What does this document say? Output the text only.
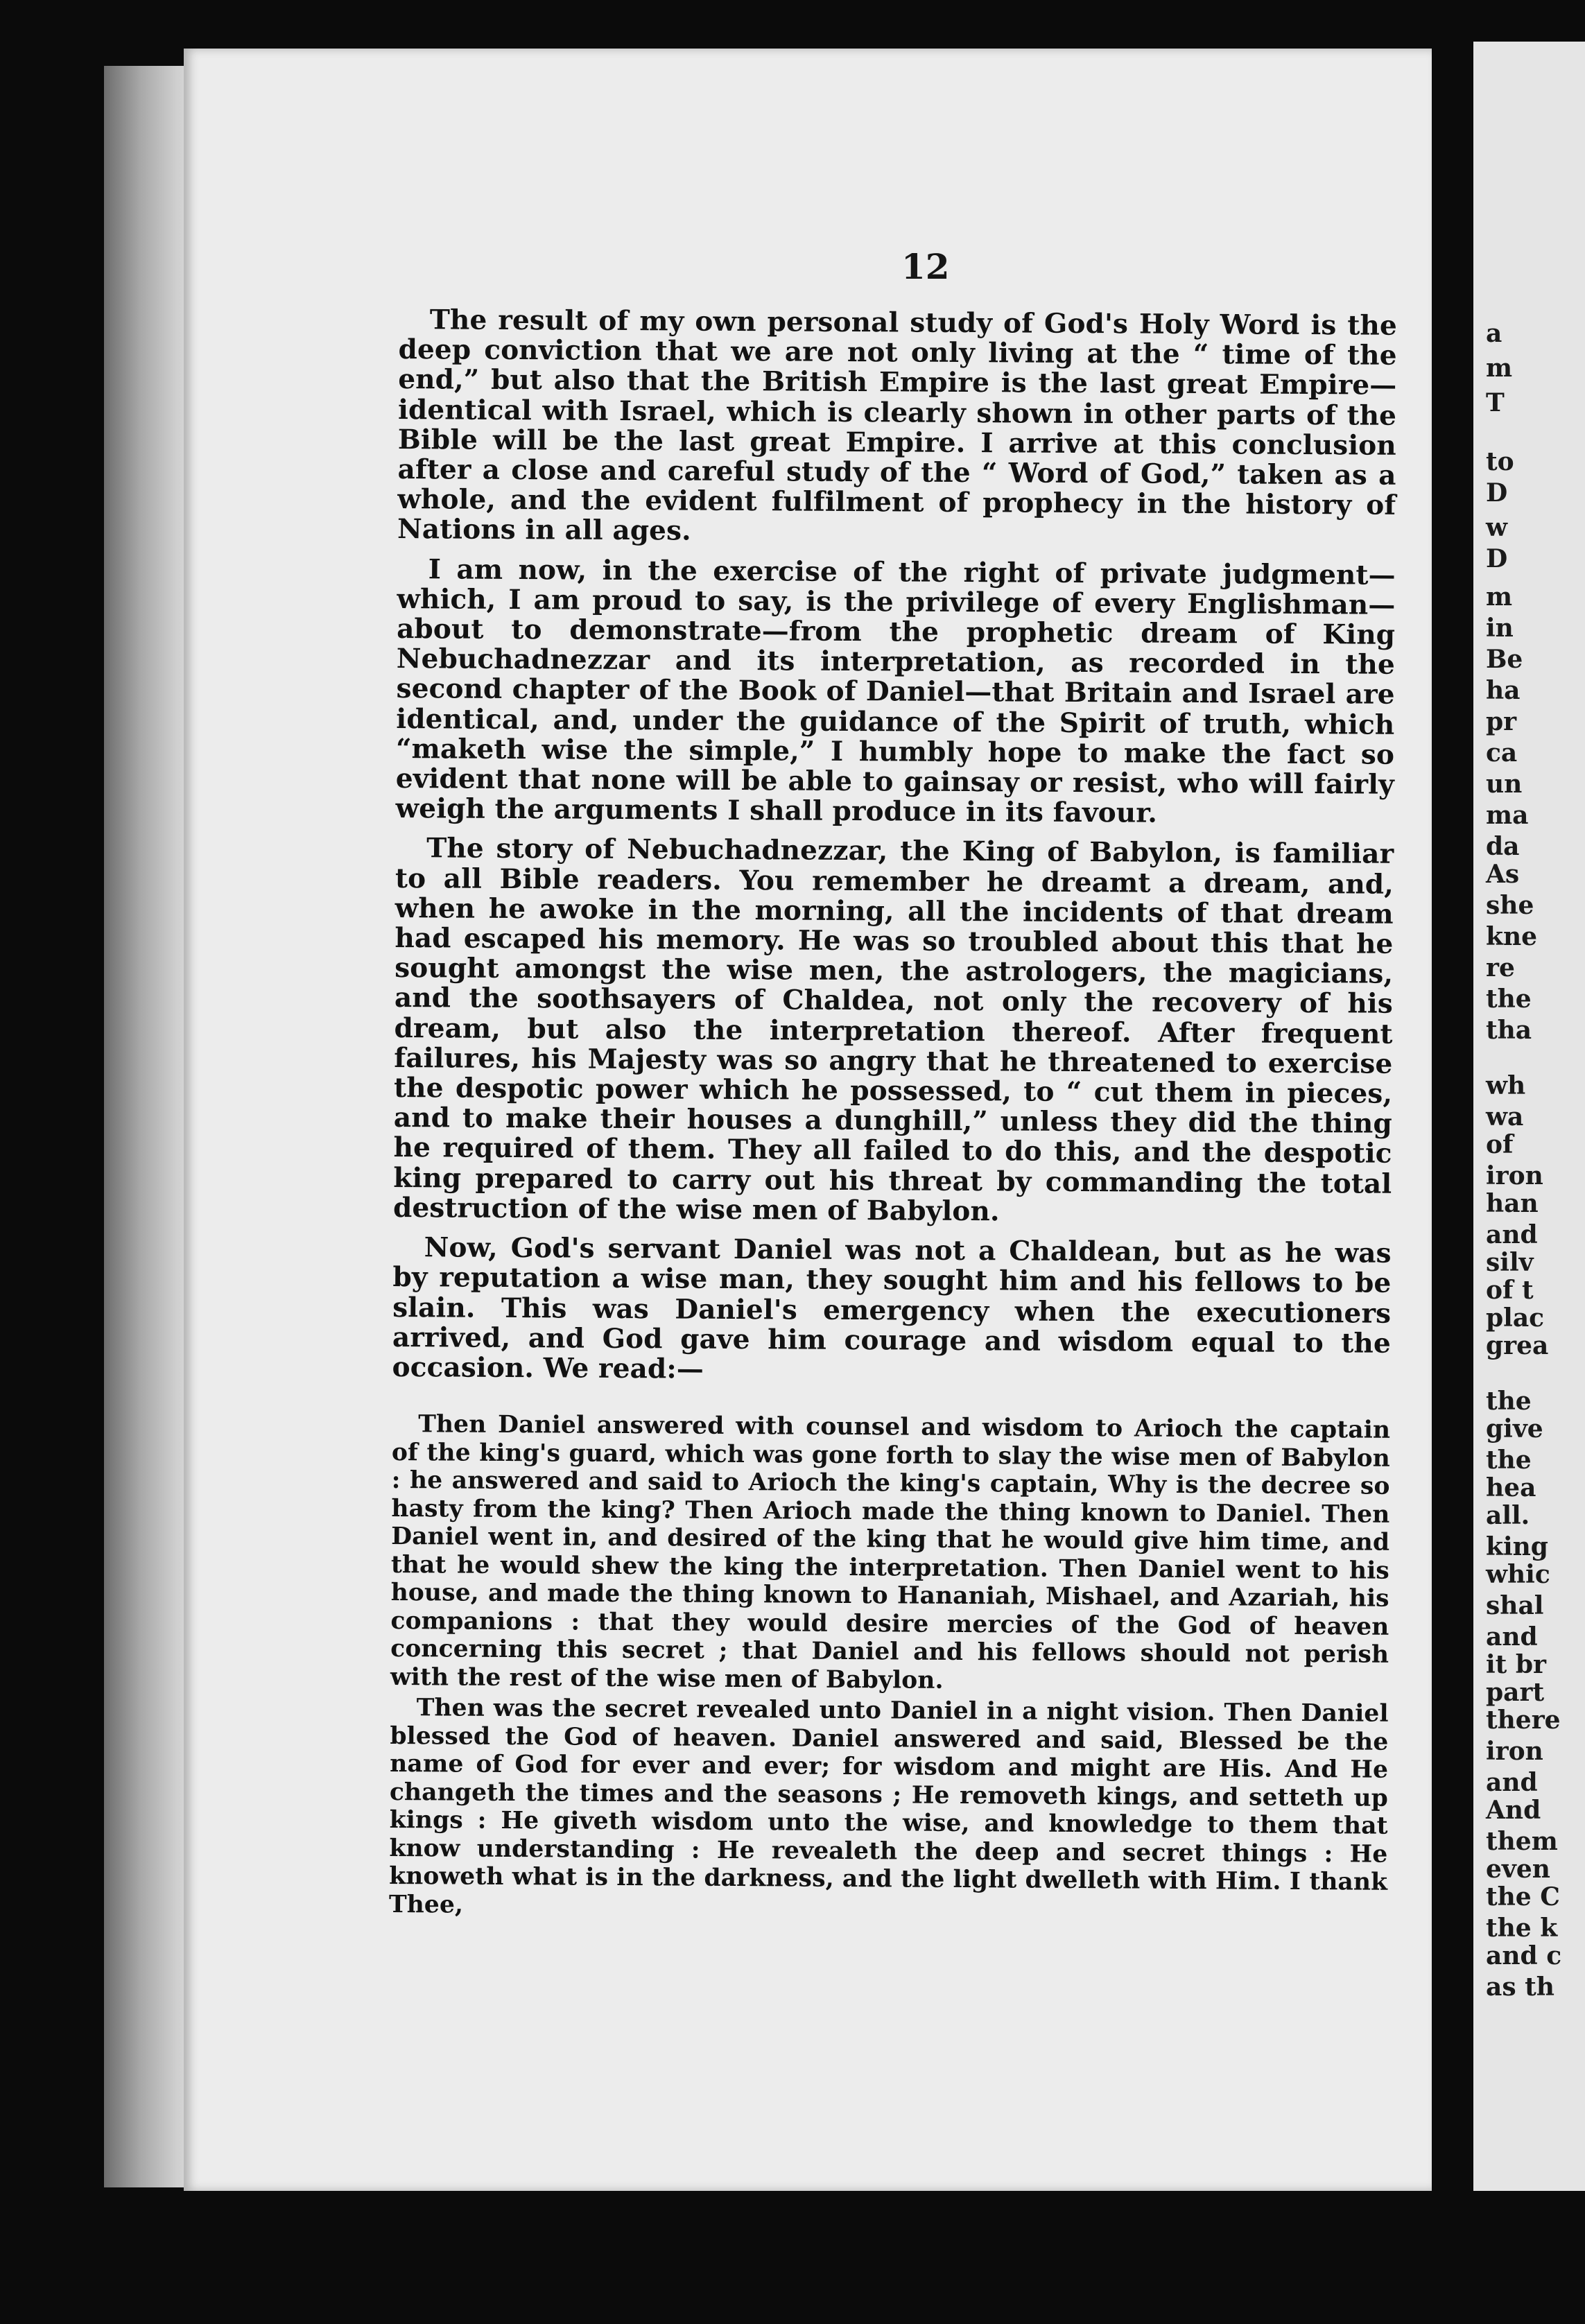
12

The result of my own personal study of God's Holy Word is the deep conviction that we are not only living at the “ time of the end,” but also that the British Empire is the last great Empire—identical with Israel, which is clearly shown in other parts of the Bible will be the last great Empire. I arrive at this conclusion after a close and careful study of the “ Word of God,” taken as a whole, and the evident fulfilment of prophecy in the history of Nations in all ages.

I am now, in the exercise of the right of private judgment—which, I am proud to say, is the privilege of every Englishman—about to demonstrate—from the prophetic dream of King Nebuchadnezzar and its interpretation, as recorded in the second chapter of the Book of Daniel—that Britain and Israel are identical, and, under the guidance of the Spirit of truth, which “maketh wise the simple,” I humbly hope to make the fact so evident that none will be able to gainsay or resist, who will fairly weigh the arguments I shall produce in its favour.

The story of Nebuchadnezzar, the King of Babylon, is familiar to all Bible readers. You remember he dreamt a dream, and, when he awoke in the morning, all the incidents of that dream had escaped his memory. He was so troubled about this that he sought amongst the wise men, the astrologers, the magicians, and the soothsayers of Chaldea, not only the recovery of his dream, but also the interpretation thereof. After frequent failures, his Majesty was so angry that he threatened to exercise the despotic power which he possessed, to “ cut them in pieces, and to make their houses a dunghill,” unless they did the thing he required of them. They all failed to do this, and the despotic king prepared to carry out his threat by commanding the total destruction of the wise men of Babylon.

Now, God's servant Daniel was not a Chaldean, but as he was by reputation a wise man, they sought him and his fellows to be slain. This was Daniel's emergency when the executioners arrived, and God gave him courage and wisdom equal to the occasion. We read:—

Then Daniel answered with counsel and wisdom to Arioch the captain of the king's guard, which was gone forth to slay the wise men of Babylon : he answered and said to Arioch the king's captain, Why is the decree so hasty from the king? Then Arioch made the thing known to Daniel. Then Daniel went in, and desired of the king that he would give him time, and that he would shew the king the interpretation. Then Daniel went to his house, and made the thing known to Hananiah, Mishael, and Azariah, his companions : that they would desire mercies of the God of heaven concerning this secret ; that Daniel and his fellows should not perish with the rest of the wise men of Babylon.

Then was the secret revealed unto Daniel in a night vision. Then Daniel blessed the God of heaven. Daniel answered and said, Blessed be the name of God for ever and ever; for wisdom and might are His. And He changeth the times and the seasons ; He removeth kings, and setteth up kings : He giveth wisdom unto the wise, and knowledge to them that know understanding : He revealeth the deep and secret things : He knoweth what is in the darkness, and the light dwelleth with Him. I thank Thee,

a
m
T
to
D
w
D
m
in
Be
ha
pr
ca
un
ma
da
As
she
kne
re
the
tha
wh
wa
of
iron
han
and
silv
of t
plac
grea
the
give
the
hea
all.
king
whic
shal
and
it br
part
there
iron
and
And
them
even
the C
the k
and c
as th
